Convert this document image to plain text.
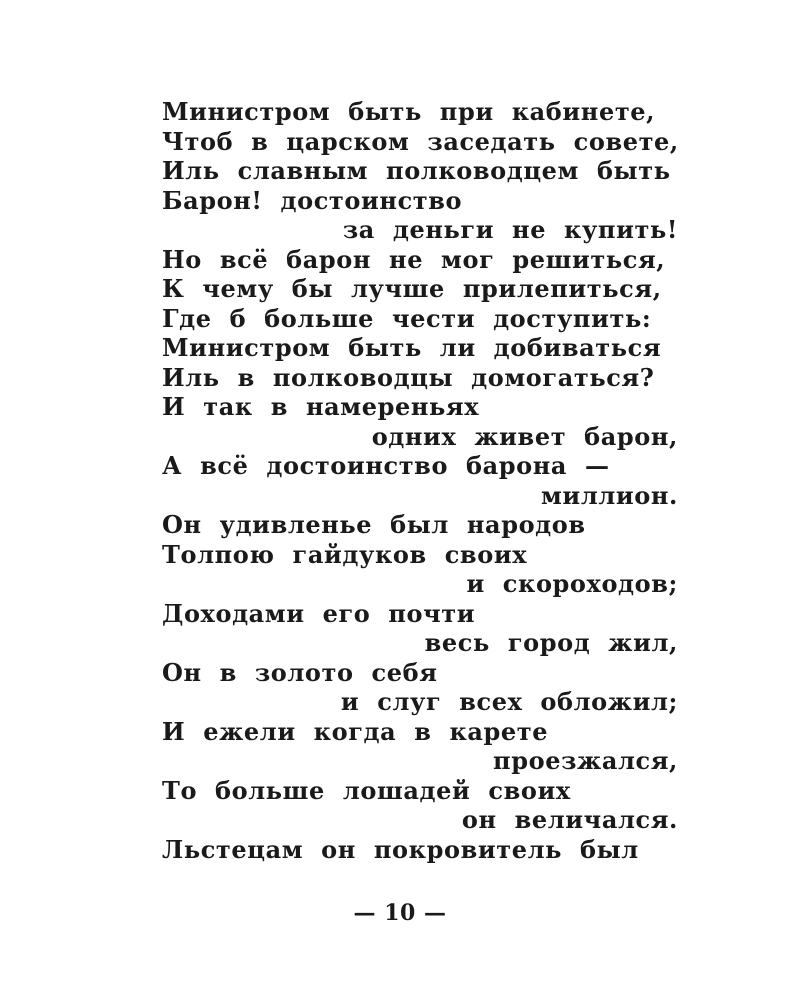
Министром быть при кабинете,
Чтоб в царском заседать совете,
Иль славным полководцем быть
Барон! достоинство
за деньги не купить!
Но всё барон не мог решиться,
К чему бы лучше прилепиться,
Где б больше чести доступить:
Министром быть ли добиваться
Иль в полководцы домогаться?
И так в намереньях
одних живет барон,
А всё достоинство барона —
миллион.
Он удивленье был народов
Толпою гайдуков своих
и скороходов;
Доходами его почти
весь город жил,
Он в золото себя
и слуг всех обложил;
И ежели когда в карете
проезжался,
То больше лошадей своих
он величался.
Льстецам он покровитель был
— 10 —
